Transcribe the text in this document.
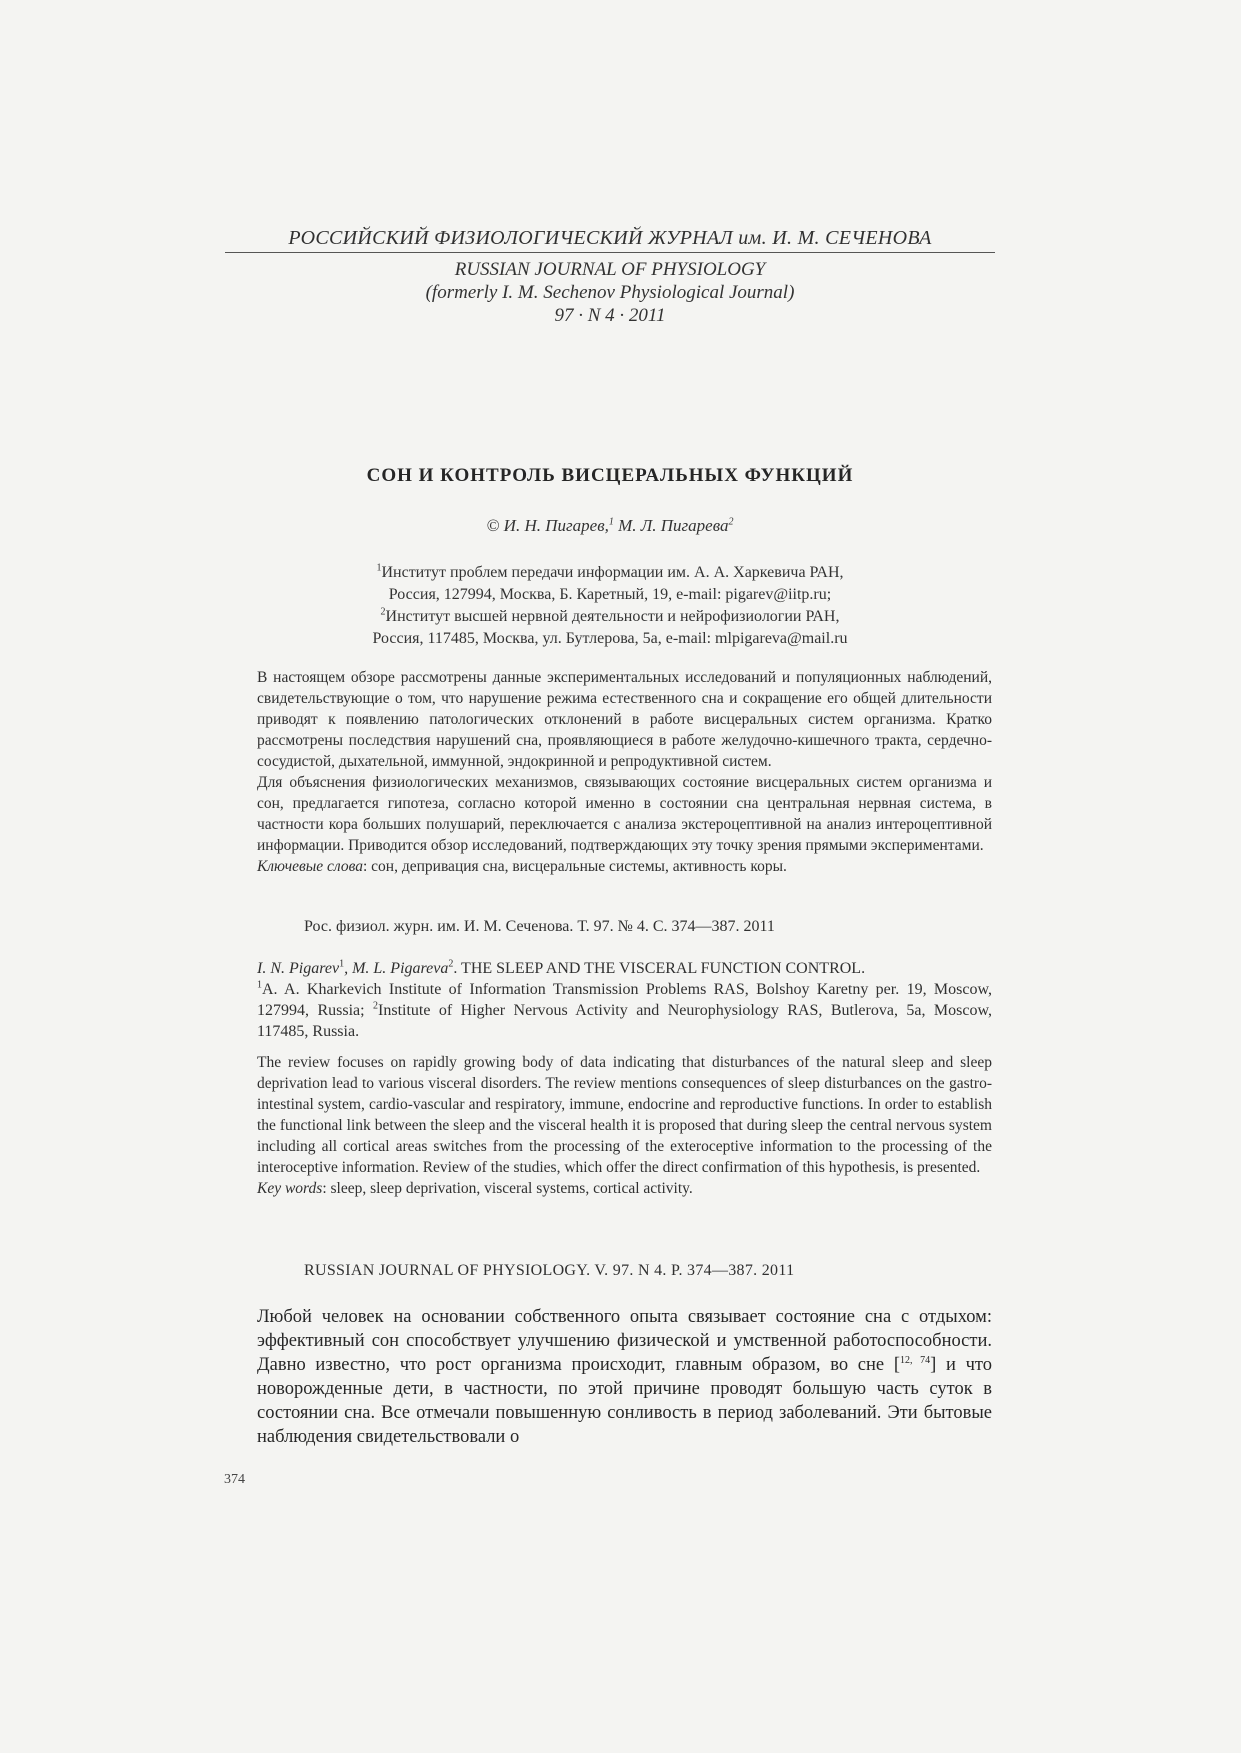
РОССИЙСКИЙ ФИЗИОЛОГИЧЕСКИЙ ЖУРНАЛ им. И. М. СЕЧЕНОВА
RUSSIAN JOURNAL OF PHYSIOLOGY
(formerly I. M. Sechenov Physiological Journal)
97 · N 4 · 2011
СОН И КОНТРОЛЬ ВИСЦЕРАЛЬНЫХ ФУНКЦИЙ
© И. Н. Пигарев,$^1$ М. Л. Пигарева$^2$
$^1$Институт проблем передачи информации им. А. А. Харкевича РАН,
Россия, 127994, Москва, Б. Каретный, 19, e-mail: pigarev@iitp.ru;
$^2$Институт высшей нервной деятельности и нейрофизиологии РАН,
Россия, 117485, Москва, ул. Бутлерова, 5а, e-mail: mlpigareva@mail.ru

В настоящем обзоре рассмотрены данные экспериментальных исследований и популяционных наблюдений, свидетельствующие о том, что нарушение режима естественного сна и сокращение его общей длительности приводят к появлению патологических отклонений в работе висцеральных систем организма. Кратко рассмотрены последствия нарушений сна, проявляющиеся в работе желудочно-кишечного тракта, сердечно-сосудистой, дыхательной, иммунной, эндокринной и репродуктивной систем.

Для объяснения физиологических механизмов, связывающих состояние висцеральных систем организма и сон, предлагается гипотеза, согласно которой именно в состоянии сна центральная нервная система, в частности кора больших полушарий, переключается с анализа экстероцептивной на анализ интероцептивной информации. Приводится обзор исследований, подтверждающих эту точку зрения прямыми экспериментами.

Ключевые слова: сон, депривация сна, висцеральные системы, активность коры.

Рос. физиол. журн. им. И. М. Сеченова. Т. 97. № 4. С. 374—387. 2011
I. N. Pigarev$^1$, M. L. Pigareva$^2$. THE SLEEP AND THE VISCERAL FUNCTION CONTROL.
$^1$A. A. Kharkevich Institute of Information Transmission Problems RAS, Bolshoy Karetny per. 19, Moscow, 127994, Russia; $^2$Institute of Higher Nervous Activity and Neurophysiology RAS, Butlerova, 5a, Moscow, 117485, Russia.

The review focuses on rapidly growing body of data indicating that disturbances of the natural sleep and sleep deprivation lead to various visceral disorders. The review mentions consequences of sleep disturbances on the gastro-intestinal system, cardio-vascular and respiratory, immune, endocrine and reproductive functions. In order to establish the functional link between the sleep and the visceral health it is proposed that during sleep the central nervous system including all cortical areas switches from the processing of the exteroceptive information to the processing of the interoceptive information. Review of the studies, which offer the direct confirmation of this hypothesis, is presented.

Key words: sleep, sleep deprivation, visceral systems, cortical activity.

RUSSIAN JOURNAL OF PHYSIOLOGY. V. 97. N 4. P. 374—387. 2011

Любой человек на основании собственного опыта связывает состояние сна с отдыхом: эффективный сон способствует улучшению физической и умственной работоспособности. Давно известно, что рост организма происходит, главным образом, во сне [$^{12, 74}$] и что новорожденные дети, в частности, по этой причине проводят большую часть суток в состоянии сна. Все отмечали повышенную сонливость в период заболеваний. Эти бытовые наблюдения свидетельствовали о

374
